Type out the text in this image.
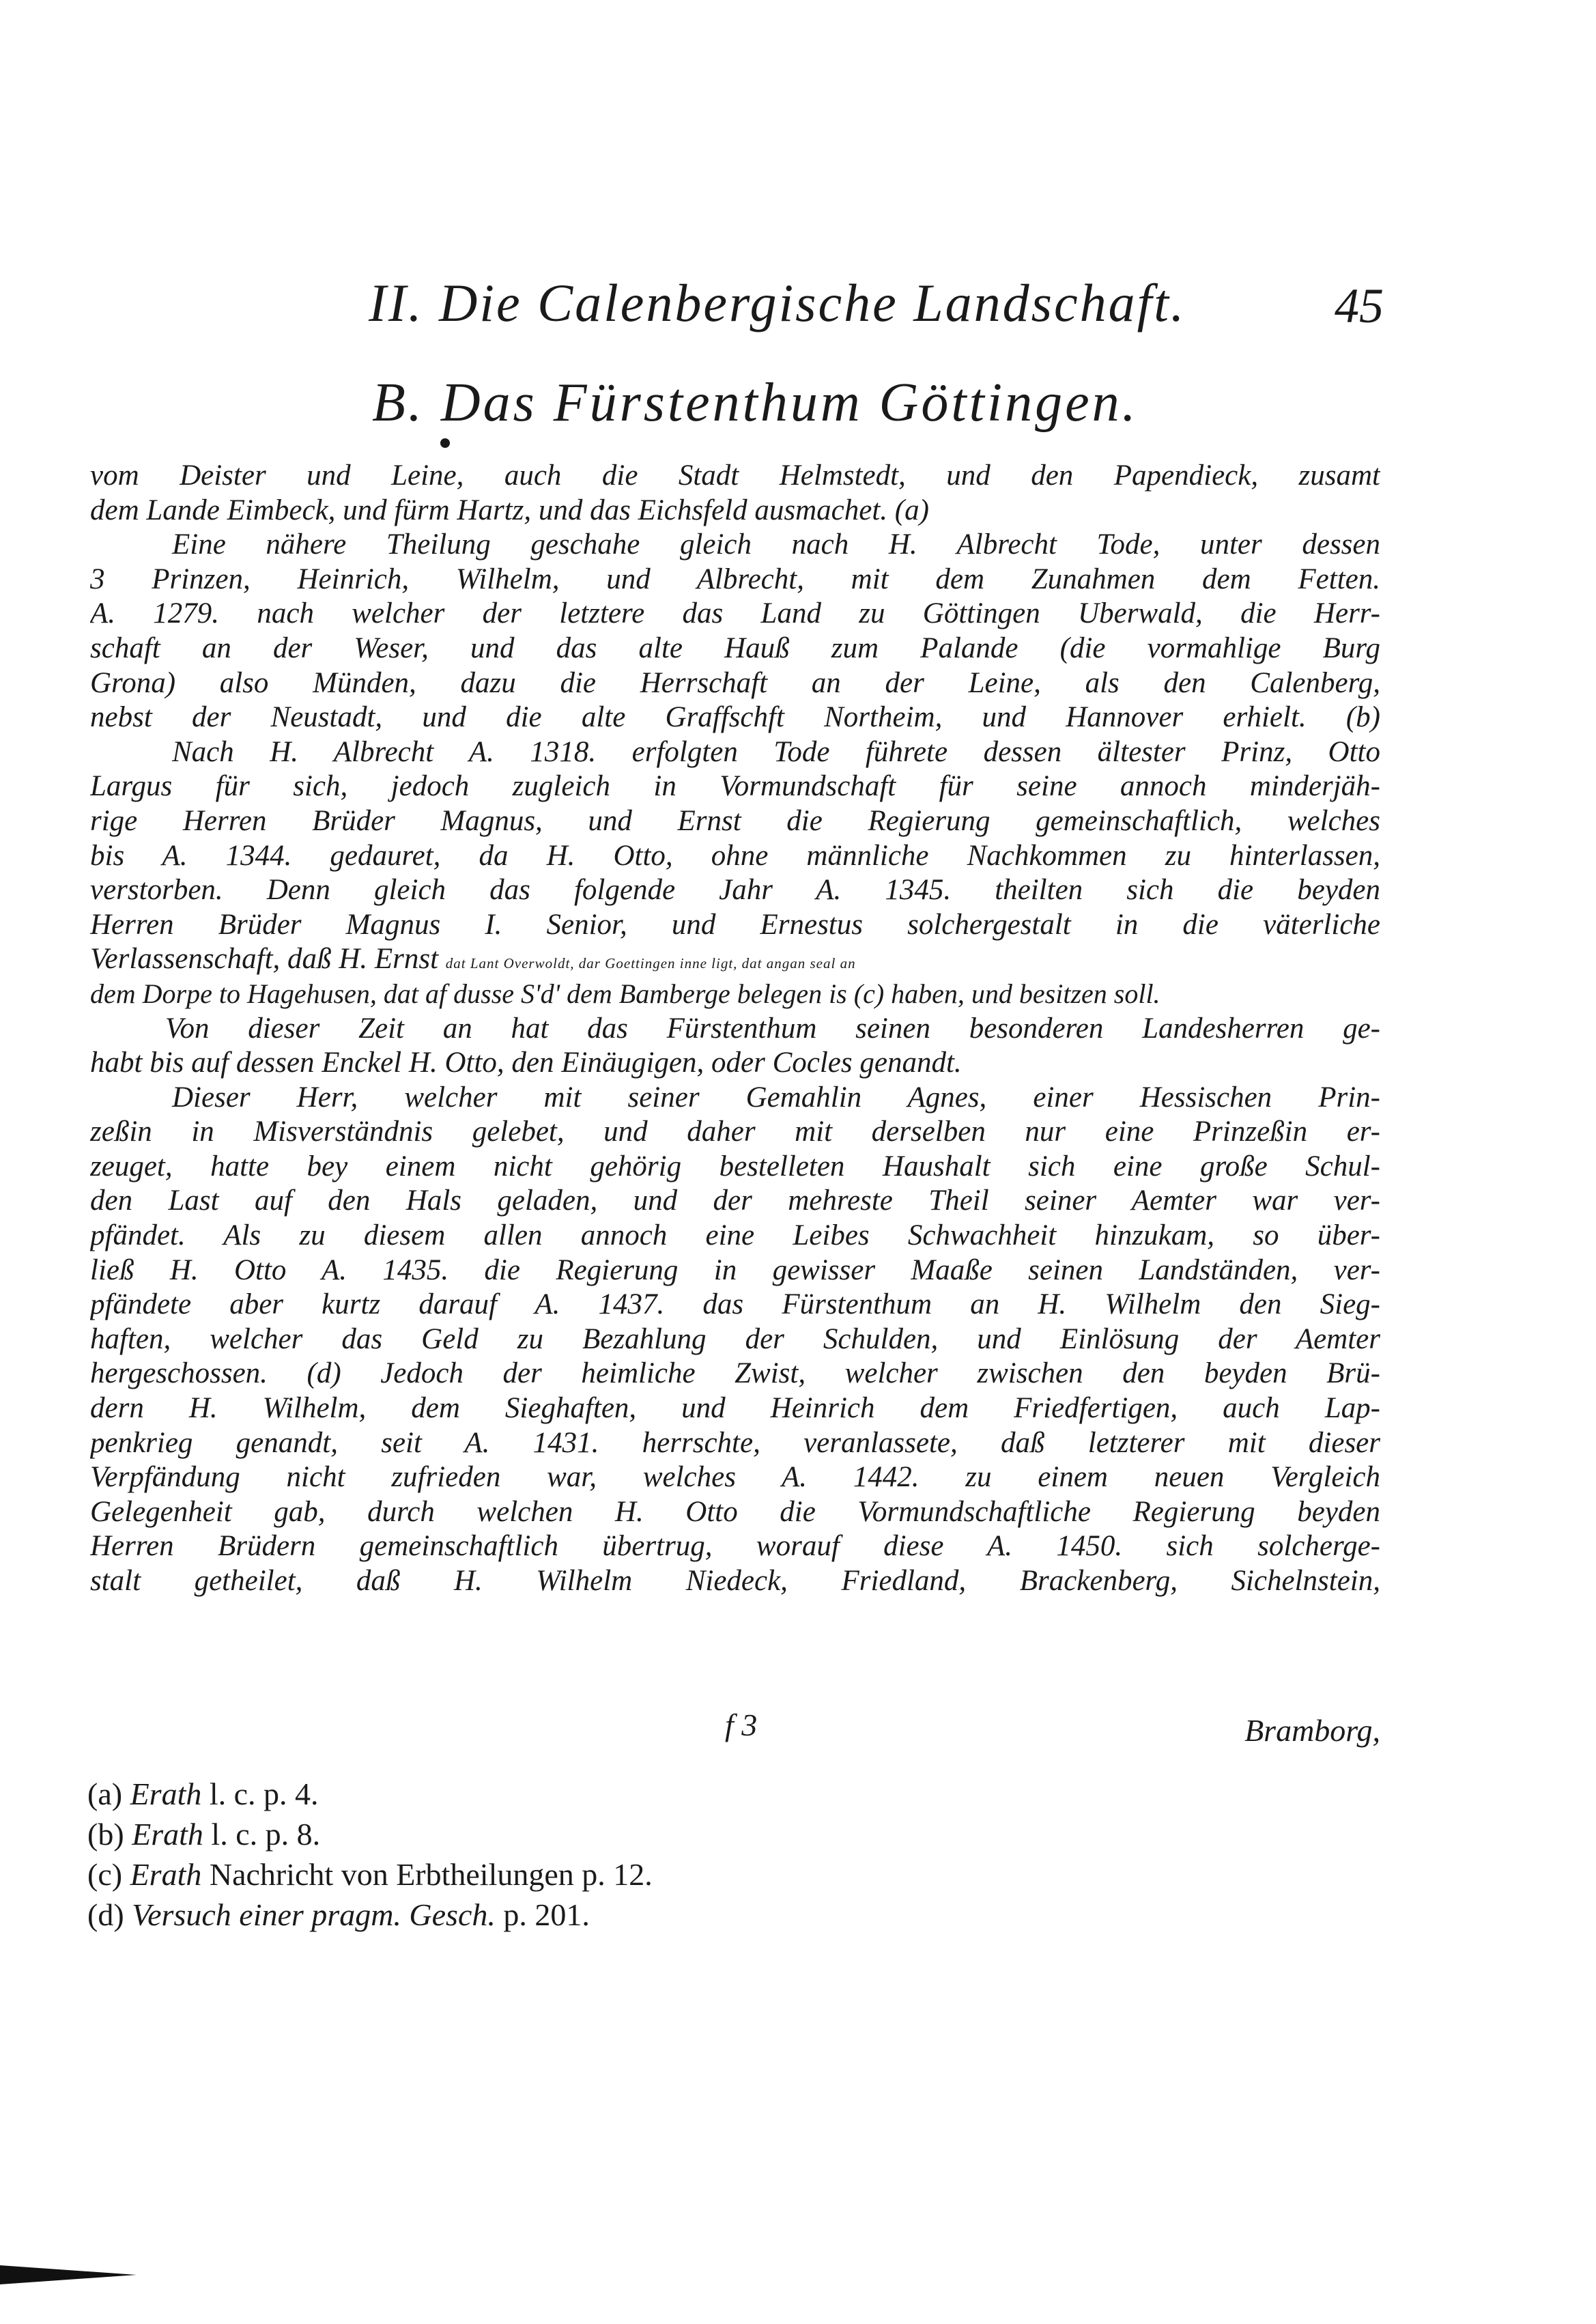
II. Die Calenbergische Landschaft.	45
B. Das Fürstenthum Göttingen.
vom Deister und Leine, auch die Stadt Helmstedt, und den Papendieck, zusamt
dem Lande Eimbeck, und fürm Hartz, und das Eichsfeld ausmachet. (a)
Eine nähere Theilung geschahe gleich nach H. Albrecht Tode, unter dessen
3 Prinzen, Heinrich, Wilhelm, und Albrecht, mit dem Zunahmen dem Fetten.
A. 1279. nach welcher der letztere das Land zu Göttingen Uberwald, die Herr-
schaft an der Weser, und das alte Hauß zum Palande (die vormahlige Burg
Grona) also Münden, dazu die Herrschaft an der Leine, als den Calenberg,
nebst der Neustadt, und die alte Graffschft Northeim, und Hannover erhielt. (b)
Nach H. Albrecht A. 1318. erfolgten Tode führete dessen ältester Prinz, Otto
Largus für sich, jedoch zugleich in Vormundschaft für seine annoch minderjäh-
rige Herren Brüder Magnus, und Ernst die Regierung gemeinschaftlich, welches
bis A. 1344. gedauret, da H. Otto, ohne männliche Nachkommen zu hinterlassen,
verstorben. Denn gleich das folgende Jahr A. 1345. theilten sich die beyden
Herren Brüder Magnus I. Senior, und Ernestus solchergestalt in die väterliche
Verlassenschaft, daß H. Ernst dat Lant Overwoldt, dar Goettingen inne ligt, dat angan seal an
dem Dorpe to Hagehusen, dat af dusse S'd' dem Bamberge belegen is (c) haben, und besitzen soll.
Von dieser Zeit an hat das Fürstenthum seinen besonderen Landesherren ge-
habt bis auf dessen Enckel H. Otto, den Einäugigen, oder Cocles genandt.
Dieser Herr, welcher mit seiner Gemahlin Agnes, einer Hessischen Prin-
zeßin in Misverständnis gelebet, und daher mit derselben nur eine Prinzeßin er-
zeuget, hatte bey einem nicht gehörig bestelleten Haushalt sich eine große Schul-
den Last auf den Hals geladen, und der mehreste Theil seiner Aemter war ver-
pfändet. Als zu diesem allen annoch eine Leibes Schwachheit hinzukam, so über-
ließ H. Otto A. 1435. die Regierung in gewisser Maaße seinen Landständen, ver-
pfändete aber kurtz darauf A. 1437. das Fürstenthum an H. Wilhelm den Sieg-
haften, welcher das Geld zu Bezahlung der Schulden, und Einlösung der Aemter
hergeschossen. (d) Jedoch der heimliche Zwist, welcher zwischen den beyden Brü-
dern H. Wilhelm, dem Sieghaften, und Heinrich dem Friedfertigen, auch Lap-
penkrieg genandt, seit A. 1431. herrschte, veranlassete, daß letzterer mit dieser
Verpfändung nicht zufrieden war, welches A. 1442. zu einem neuen Vergleich
Gelegenheit gab, durch welchen H. Otto die Vormundschaftliche Regierung beyden
Herren Brüdern gemeinschaftlich übertrug, worauf diese A. 1450. sich solcherge-
stalt getheilet, daß H. Wilhelm Niedeck, Friedland, Brackenberg, Sichelnstein,
f 3	Bramborg,
(a) Erath l. c. p. 4.
(b) Erath l. c. p. 8.
(c) Erath Nachricht von Erbtheilungen p. 12.
(d) Versuch einer pragm. Gesch. p. 201.
